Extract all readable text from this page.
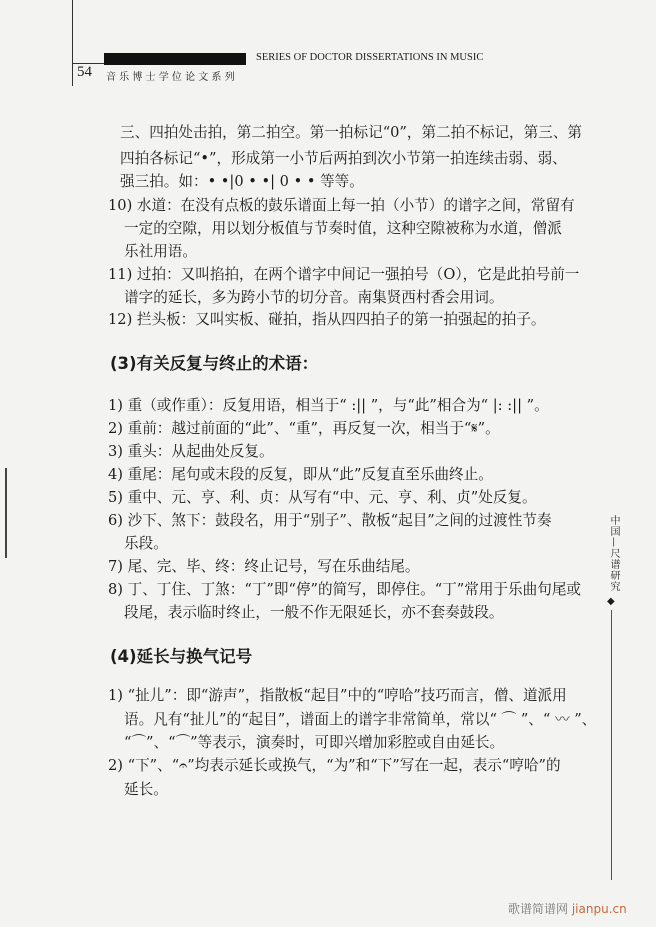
SERIES OF DOCTOR DISSERTATIONS IN MUSIC
54 音 乐 博 士 学 位 论 文 系 列
三、四拍处击拍，第二拍空。第一拍标记“0”，第二拍不标记，第三、第
四拍各标记“•”，形成第一小节后两拍到次小节第一拍连续击弱、弱、
强三拍。如：• •|0 • •| 0 • • 等等。
10) 水道：在没有点板的鼓乐谱面上每一拍（小节）的谱字之间，常留有
一定的空隙，用以划分板值与节奏时值，这种空隙被称为水道，僧派
乐社用语。
11) 过拍：又叫掐拍，在两个谱字中间记一强拍号（O），它是此拍号前一
谱字的延长，多为跨小节的切分音。南集贤西村香会用词。
12) 拦头板：又叫实板、碰拍，指从四四拍子的第一拍强起的拍子。
(3)有关反复与终止的术语：
1) 重（或作重）：反复用语，相当于“ :|| ”，与“此”相合为“ |: :|| ”。
2) 重前：越过前面的“此”、“重”，再反复一次，相当于“𝄋”。
3) 重头：从起曲处反复。
4) 重尾：尾句或末段的反复，即从“此”反复直至乐曲终止。
5) 重中、元、亨、利、贞：从写有“中、元、亨、利、贞”处反复。
6) 沙下、煞下：鼓段名，用于“别子”、散板“起目”之间的过渡性节奏
乐段。
7) 尾、完、毕、终：终止记号，写在乐曲结尾。
8) 丁、丁住、丁煞：“丁”即“停”的简写，即停住。“丁”常用于乐曲句尾或
段尾，表示临时终止，一般不作无限延长，亦不套奏鼓段。
(4)延长与换气记号
1) “扯儿”：即“游声”，指散板“起目”中的“哼哈”技巧而言，僧、道派用
语。凡有“扯儿”的“起目”，谱面上的谱字非常简单，常以“ ⌒ ”、“ 〰 ”、
“⌒”、“⌒”等表示，演奏时，可即兴增加彩腔或自由延长。
2) “下”、“𝄐”均表示延长或换气，“为”和“下”写在一起，表示“哼哈”的
延长。
中国—尺谱研究
◆
歌谱简谱网 jianpu.cn
